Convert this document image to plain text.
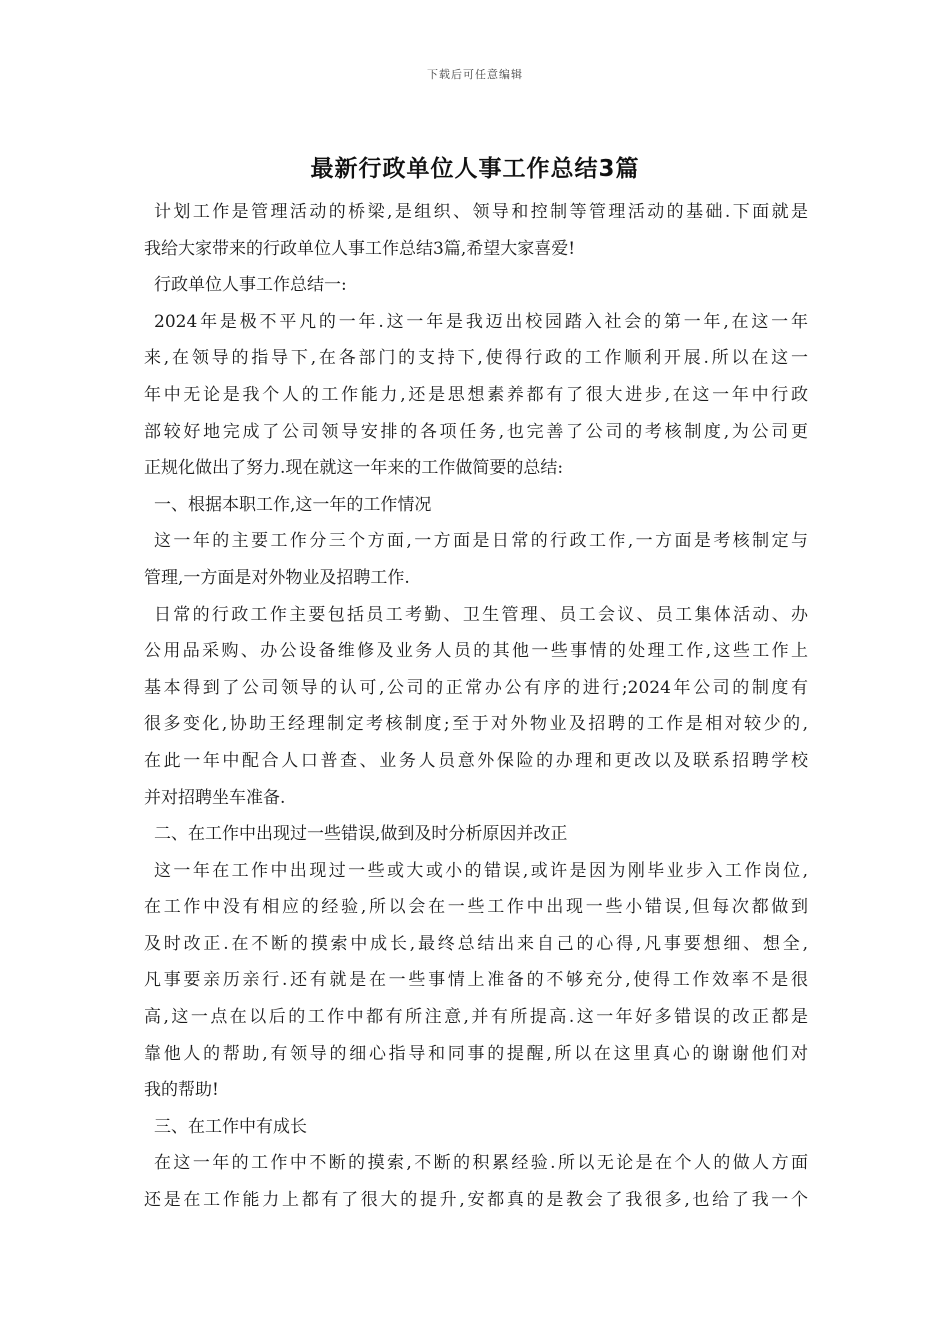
下载后可任意编辑
最新行政单位人事工作总结3篇
计划工作是管理活动的桥梁,是组织、领导和控制等管理活动的基础.下面就是
我给大家带来的行政单位人事工作总结3篇,希望大家喜爱!
行政单位人事工作总结一:
2024年是极不平凡的一年.这一年是我迈出校园踏入社会的第一年,在这一年
来,在领导的指导下,在各部门的支持下,使得行政的工作顺利开展.所以在这一
年中无论是我个人的工作能力,还是思想素养都有了很大进步,在这一年中行政
部较好地完成了公司领导安排的各项任务,也完善了公司的考核制度,为公司更
正规化做出了努力.现在就这一年来的工作做简要的总结:
一、根据本职工作,这一年的工作情况
这一年的主要工作分三个方面,一方面是日常的行政工作,一方面是考核制定与
管理,一方面是对外物业及招聘工作.
日常的行政工作主要包括员工考勤、卫生管理、员工会议、员工集体活动、办
公用品采购、办公设备维修及业务人员的其他一些事情的处理工作,这些工作上
基本得到了公司领导的认可,公司的正常办公有序的进行;2024年公司的制度有
很多变化,协助王经理制定考核制度;至于对外物业及招聘的工作是相对较少的,
在此一年中配合人口普查、业务人员意外保险的办理和更改以及联系招聘学校
并对招聘坐车准备.
二、在工作中出现过一些错误,做到及时分析原因并改正
这一年在工作中出现过一些或大或小的错误,或许是因为刚毕业步入工作岗位,
在工作中没有相应的经验,所以会在一些工作中出现一些小错误,但每次都做到
及时改正.在不断的摸索中成长,最终总结出来自己的心得,凡事要想细、想全,
凡事要亲历亲行.还有就是在一些事情上准备的不够充分,使得工作效率不是很
高,这一点在以后的工作中都有所注意,并有所提高.这一年好多错误的改正都是
靠他人的帮助,有领导的细心指导和同事的提醒,所以在这里真心的谢谢他们对
我的帮助!
三、在工作中有成长
在这一年的工作中不断的摸索,不断的积累经验.所以无论是在个人的做人方面
还是在工作能力上都有了很大的提升,安都真的是教会了我很多,也给了我一个
